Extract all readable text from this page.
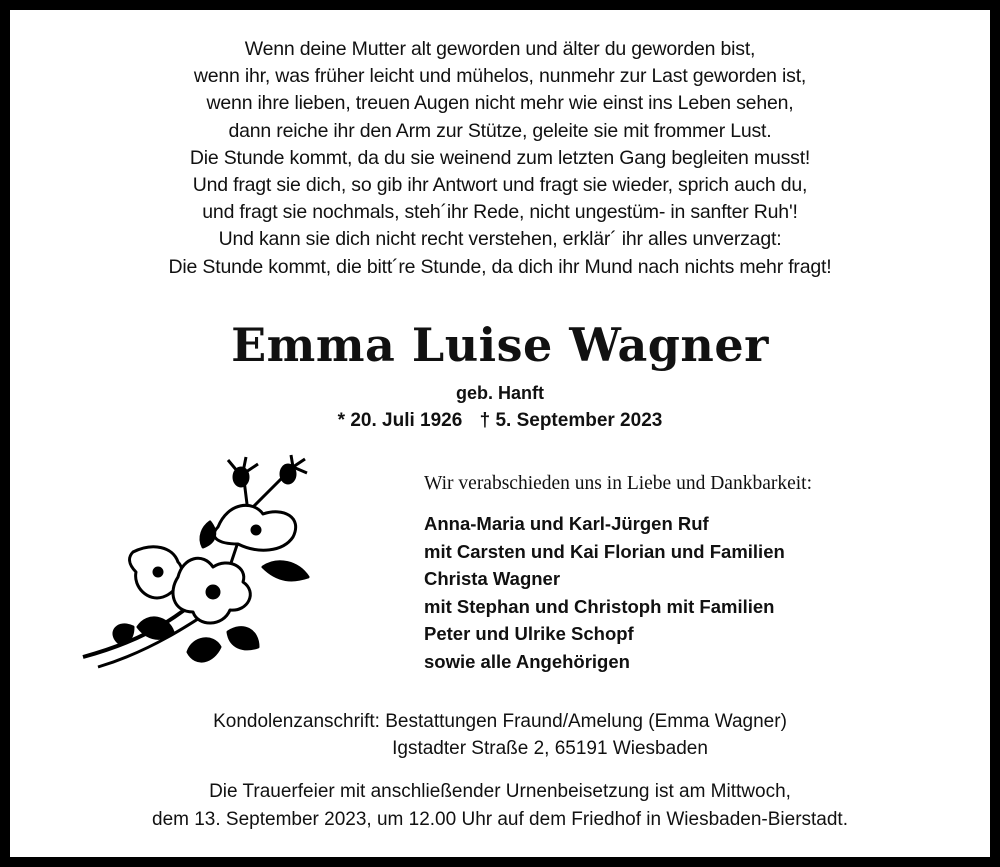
Wenn deine Mutter alt geworden und älter du geworden bist,
wenn ihr, was früher leicht und mühelos, nunmehr zur Last geworden ist,
wenn ihre lieben, treuen Augen nicht mehr wie einst ins Leben sehen,
dann reiche ihr den Arm zur Stütze, geleite sie mit frommer Lust.
Die Stunde kommt, da du sie weinend zum letzten Gang begleiten musst!
Und fragt sie dich, so gib ihr Antwort und fragt sie wieder, sprich auch du,
und fragt sie nochmals, steh´ihr Rede, nicht ungestüm- in sanfter Ruh'!
Und kann sie dich nicht recht verstehen, erklär´ ihr alles unverzagt:
Die Stunde kommt, die bitt´re Stunde, da dich ihr Mund nach nichts mehr fragt!
Emma Luise Wagner
geb. Hanft
* 20. Juli 1926 † 5. September 2023
Wir verabschieden uns in Liebe und Dankbarkeit:
Anna-Maria und Karl-Jürgen Ruf
mit Carsten und Kai Florian und Familien
Christa Wagner
mit Stephan und Christoph mit Familien
Peter und Ulrike Schopf
sowie alle Angehörigen
Kondolenzanschrift: Bestattungen Fraund/Amelung (Emma Wagner)
Igstadter Straße 2, 65191 Wiesbaden
Die Trauerfeier mit anschließender Urnenbeisetzung ist am Mittwoch,
dem 13. September 2023, um 12.00 Uhr auf dem Friedhof in Wiesbaden-Bierstadt.
